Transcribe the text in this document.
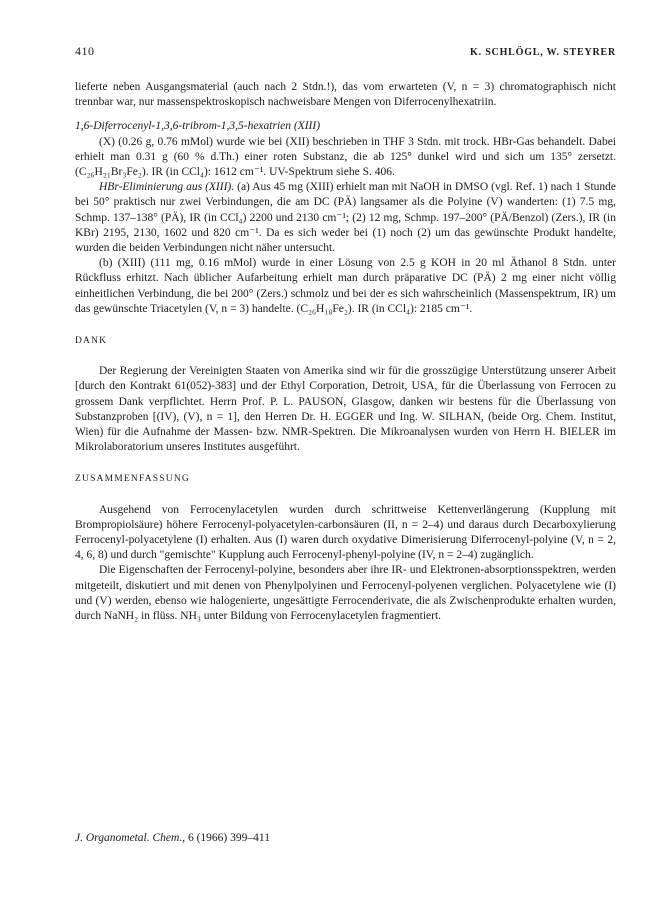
410	K. SCHLÖGL, W. STEYRER

lieferte neben Ausgangsmaterial (auch nach 2 Stdn.!), das vom erwarteten (V, n = 3) chromatographisch nicht trennbar war, nur massenspektroskopisch nachweisbare Mengen von Diferrocenylhexatriin.

1,6-Diferrocenyl-1,3,6-tribrom-1,3,5-hexatrien (XIII)

(X) (0.26 g, 0.76 mMol) wurde wie bei (XII) beschrieben in THF 3 Stdn. mit trock. HBr-Gas behandelt. Dabei erhielt man 0.31 g (60 % d.Th.) einer roten Substanz, die ab 125° dunkel wird und sich um 135° zersetzt. (C₂₆H₂₁Br₃Fe₂). IR (in CCl₄): 1612 cm⁻¹. UV-Spektrum siehe S. 406.

HBr-Eliminierung aus (XIII). (a) Aus 45 mg (XIII) erhielt man mit NaOH in DMSO (vgl. Ref. 1) nach 1 Stunde bei 50° praktisch nur zwei Verbindungen, die am DC (PÄ) langsamer als die Polyine (V) wanderten: (1) 7.5 mg, Schmp. 137–138° (PÄ), IR (in CCl₄) 2200 und 2130 cm⁻¹; (2) 12 mg, Schmp. 197–200° (PÄ/Benzol) (Zers.), IR (in KBr) 2195, 2130, 1602 und 820 cm⁻¹. Da es sich weder bei (1) noch (2) um das gewünschte Produkt handelte, wurden die beiden Verbindungen nicht näher untersucht.

(b) (XIII) (111 mg, 0.16 mMol) wurde in einer Lösung von 2.5 g KOH in 20 ml Äthanol 8 Stdn. unter Rückfluss erhitzt. Nach üblicher Aufarbeitung erhielt man durch präparative DC (PÄ) 2 mg einer nicht völlig einheitlichen Verbindung, die bei 200° (Zers.) schmolz und bei der es sich wahrscheinlich (Massenspektrum, IR) um das gewünschte Triacetylen (V, n = 3) handelte. (C₂₆H₁₈Fe₂). IR (in CCl₄): 2185 cm⁻¹.

DANK

Der Regierung der Vereinigten Staaten von Amerika sind wir für die grosszügige Unterstützung unserer Arbeit [durch den Kontrakt 61(052)-383] und der Ethyl Corporation, Detroit, USA, für die Überlassung von Ferrocen zu grossem Dank verpflichtet. Herrn Prof. P. L. PAUSON, Glasgow, danken wir bestens für die Überlassung von Substanzproben [(IV), (V), n = 1], den Herren Dr. H. EGGER und Ing. W. SILHAN, (beide Org. Chem. Institut, Wien) für die Aufnahme der Massen- bzw. NMR-Spektren. Die Mikroanalysen wurden von Herrn H. BIELER im Mikrolaboratorium unseres Institutes ausgeführt.

ZUSAMMENFASSUNG

Ausgehend von Ferrocenylacetylen wurden durch schrittweise Kettenverlängerung (Kupplung mit Brompropiolsäure) höhere Ferrocenyl-polyacetylen-carbonsäuren (II, n = 2–4) und daraus durch Decarboxylierung Ferrocenyl-polyacetylene (I) erhalten. Aus (I) waren durch oxydative Dimerisierung Diferrocenyl-polyine (V, n = 2, 4, 6, 8) und durch "gemischte" Kupplung auch Ferrocenyl-phenyl-polyine (IV, n = 2–4) zugänglich.

Die Eigenschaften der Ferrocenyl-polyine, besonders aber ihre IR- und Elektronen-absorptionsspektren, werden mitgeteilt, diskutiert und mit denen von Phenylpolyinen und Ferrocenyl-polyenen verglichen. Polyacetylene wie (I) und (V) werden, ebenso wie halogenierte, ungesättigte Ferrocenderivate, die als Zwischenprodukte erhalten wurden, durch NaNH₂ in flüss. NH₃ unter Bildung von Ferrocenylacetylen fragmentiert.

J. Organometal. Chem., 6 (1966) 399–411
